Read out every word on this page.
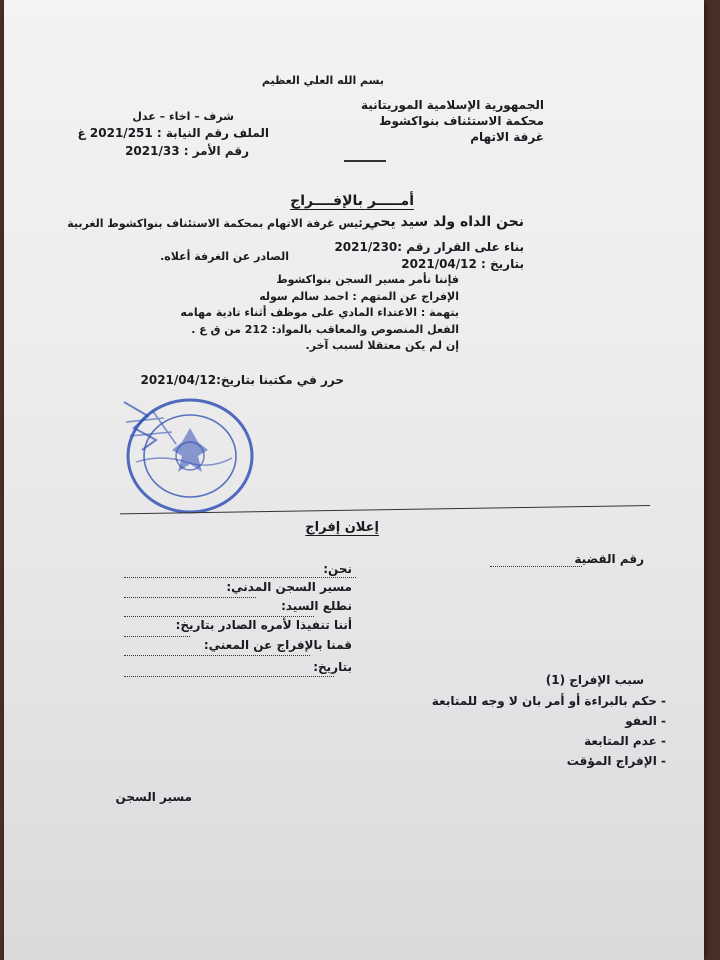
بسم الله العلي العظيم
الجمهورية الإسلامية الموريتانية
محكمة الاستئناف بنواكشوط
غرفة الاتهام
شرف – اخاء – عدل
الملف رقم النيابة : 2021/251 غ
رقم الأمر : 2021/33
أمـــــر بالإفــــراج
نحن الداه ولد سيد يحي
رئيس غرفة الاتهام بمحكمة الاستئناف بنواكشوط الغربية
بناء على القرار رقم :2021/230
الصادر عن الغرفة أعلاه.
بتاريخ : 2021/04/12
فإننا نأمر مسير السجن بنواكشوط
الإفراج عن المتهم : احمد سالم سوله
بتهمة : الاعتداء المادي على موظف أثناء تادية مهامه
الفعل المنصوص والمعاقب بالمواد: 212 من ق ع .
إن لم يكن معتقلا لسبب آخر.
حرر في مكتبنا بتاريخ:2021/04/12
إعلان إفراج
رقم القضية
نحن:
مسير السجن المدني:
نطلع السيد:
أننا تنفيذا لأمره الصادر بتاريخ:
قمنا بالإفراج عن المعني:
بتاريخ:
سبب الإفراج (1)
- حكم بالبراءة أو أمر بان لا وجه للمتابعة
- العفو
- عدم المتابعة
- الإفراج المؤقت
مسير السجن
